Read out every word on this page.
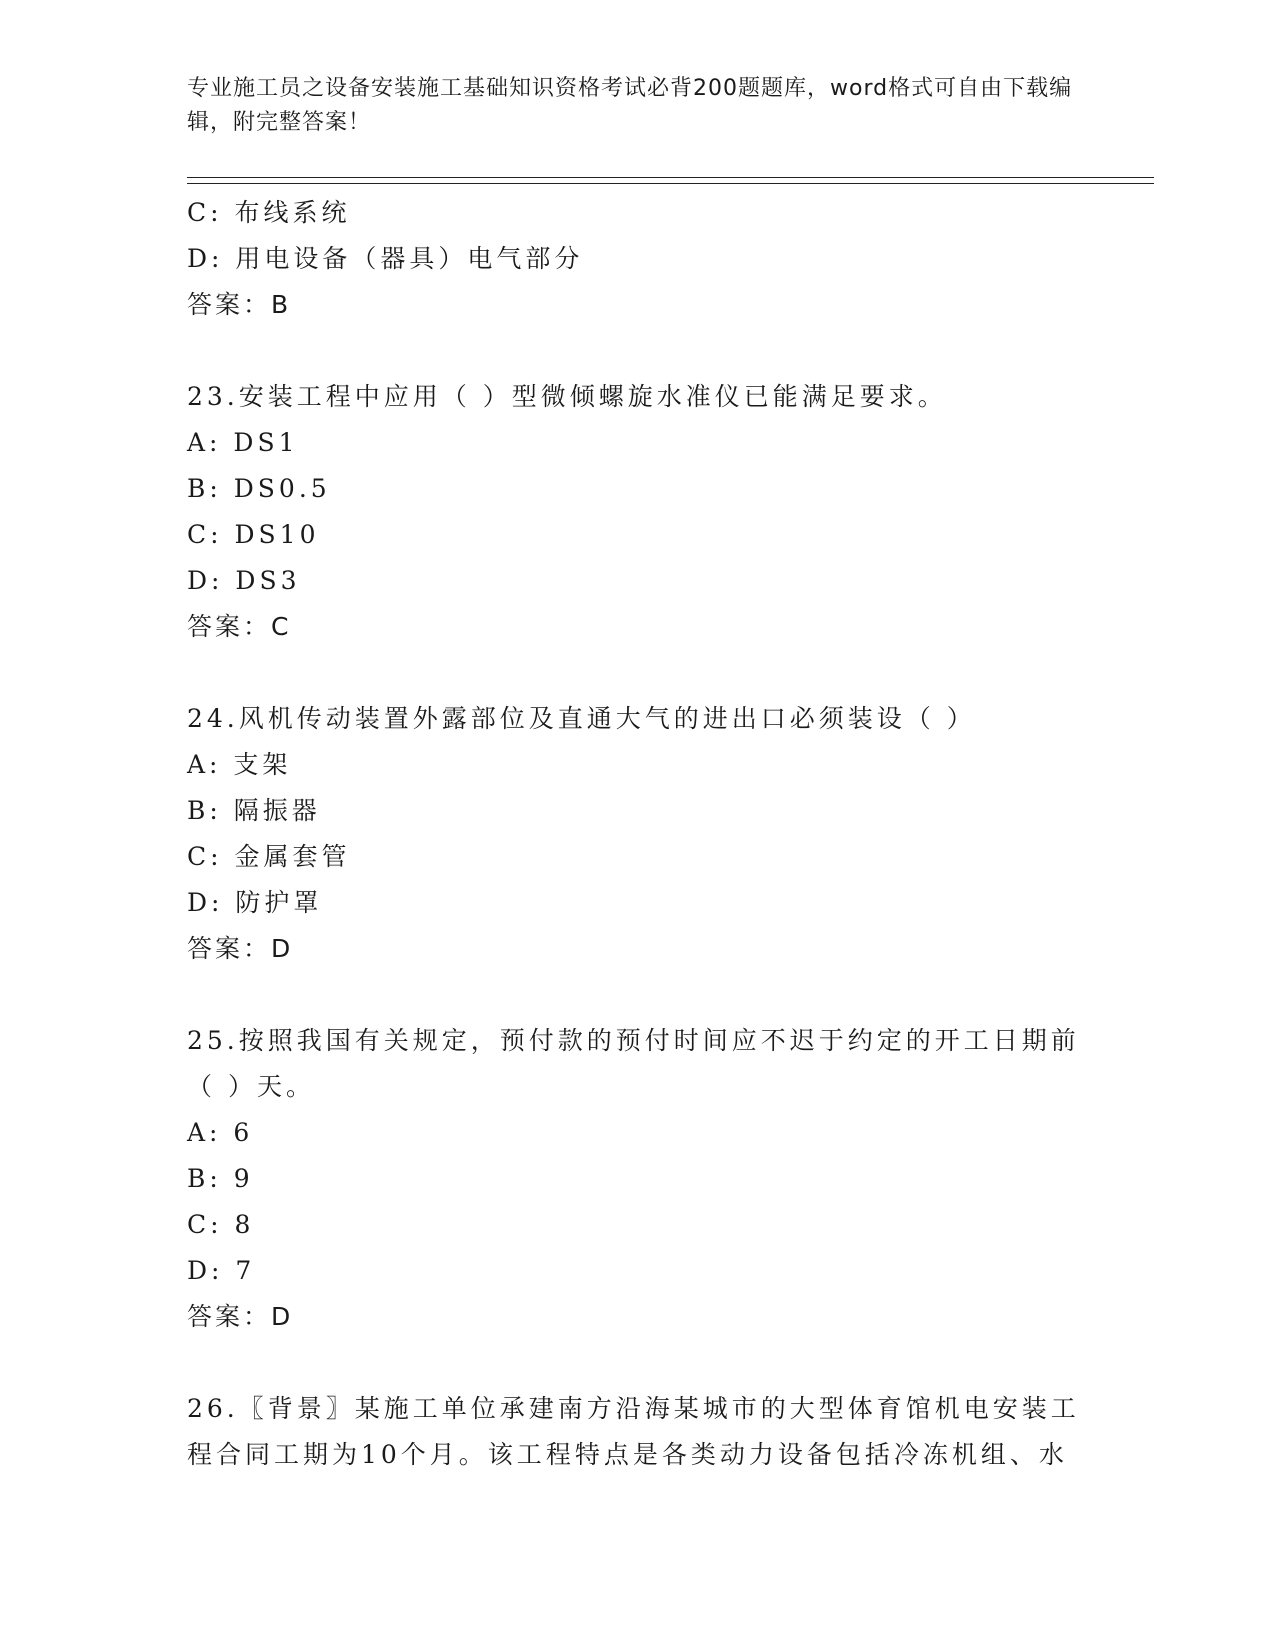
专业施工员之设备安装施工基础知识资格考试必背200题题库，word格式可自由下载编辑，附完整答案！
C: 布线系统
D: 用电设备（器具）电气部分
答案：B
23.安装工程中应用（ ）型微倾螺旋水准仪已能满足要求。
A: DS1
B: DS0.5
C: DS10
D: DS3
答案：C
24.风机传动装置外露部位及直通大气的进出口必须装设（ ）
A: 支架
B: 隔振器
C: 金属套管
D: 防护罩
答案：D
25.按照我国有关规定，预付款的预付时间应不迟于约定的开工日期前
（ ）天。
A: 6
B: 9
C: 8
D: 7
答案：D
26.〖背景〗某施工单位承建南方沿海某城市的大型体育馆机电安装工
程合同工期为10个月。该工程特点是各类动力设备包括冷冻机组、水
